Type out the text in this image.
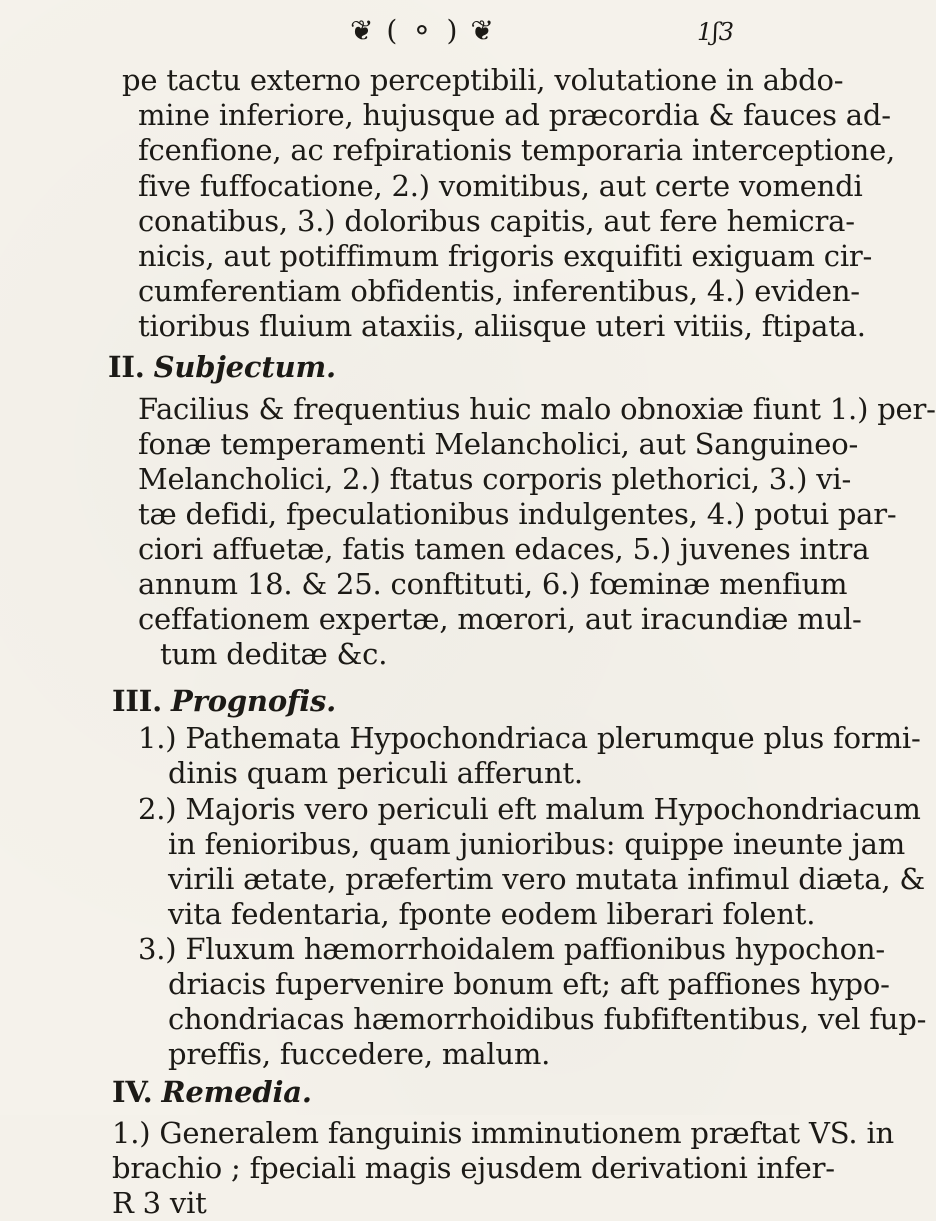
❦ ( ⚬ ) ❦	1ʃ3
pe tactu externo perceptibili, volutatione in abdo-
mine inferiore, hujusque ad præcordia & fauces ad-
fcenfione, ac refpirationis temporaria interceptione,
five fuffocatione, 2.) vomitibus, aut certe vomendi
conatibus, 3.) doloribus capitis, aut fere hemicra-
nicis, aut potiffimum frigoris exquifiti exiguam cir-
cumferentiam obfidentis, inferentibus, 4.) eviden-
tioribus fluium ataxiis, aliisque uteri vitiis, ftipata.
II. Subjectum.
Facilius & frequentius huic malo obnoxiæ fiunt 1.) per-
fonæ temperamenti Melancholici, aut Sanguineo-
Melancholici, 2.) ftatus corporis plethorici, 3.) vi-
tæ defidi, fpeculationibus indulgentes, 4.) potui par-
ciori affuetæ, fatis tamen edaces, 5.) juvenes intra
annum 18. & 25. conftituti, 6.) fœminæ menfium
ceffationem expertæ, mœrori, aut iracundiæ mul-
tum deditæ &c.
III. Prognofis.
1.) Pathemata Hypochondriaca plerumque plus formi-
dinis quam periculi afferunt.
2.) Majoris vero periculi eft malum Hypochondriacum
in fenioribus, quam junioribus: quippe ineunte jam
virili ætate, præfertim vero mutata infimul diæta, &
vita fedentaria, fponte eodem liberari folent.
3.) Fluxum hæmorrhoidalem paffionibus hypochon-
driacis fupervenire bonum eft; aft paffiones hypo-
chondriacas hæmorrhoidibus fubfiftentibus, vel fup-
preffis, fuccedere, malum.
IV. Remedia.
1.) Generalem fanguinis imminutionem præftat VS. in
brachio ; fpeciali magis ejusdem derivationi infer-
R 3 vit
